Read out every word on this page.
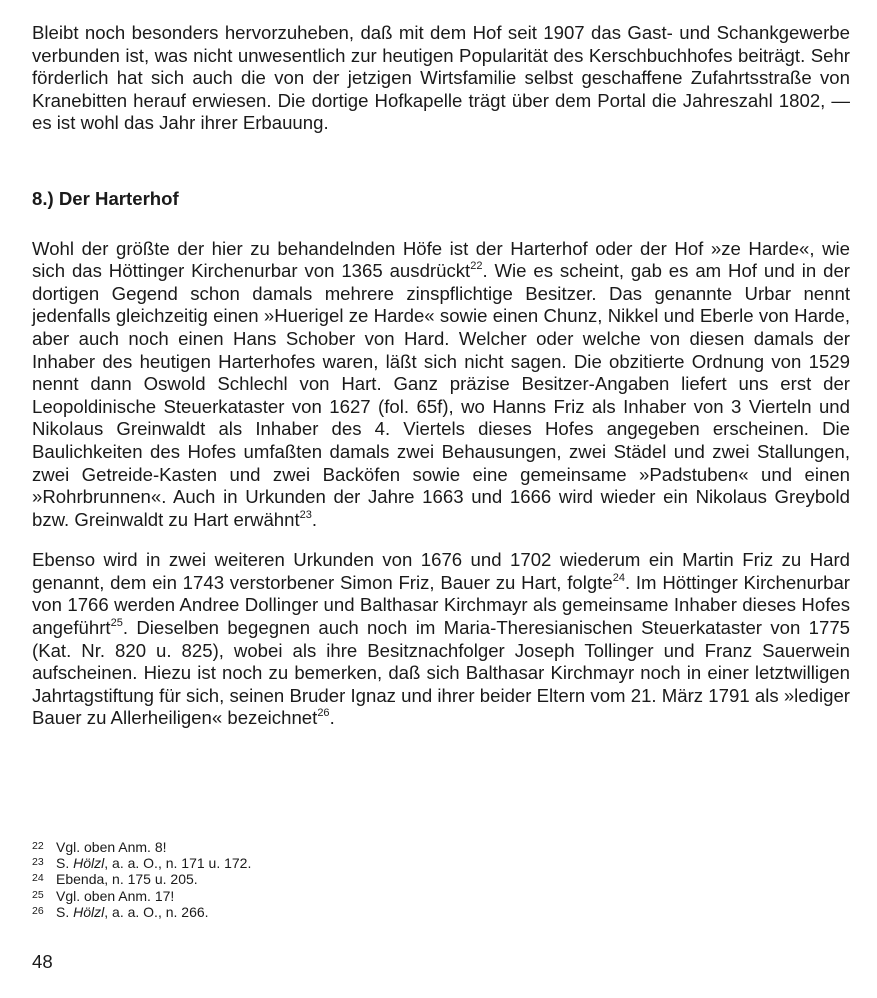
Bleibt noch besonders hervorzuheben, daß mit dem Hof seit 1907 das Gast- und Schankgewerbe verbunden ist, was nicht unwesentlich zur heutigen Popularität des Kerschbuchhofes beiträgt. Sehr förderlich hat sich auch die von der jetzigen Wirtsfamilie selbst geschaffene Zufahrtsstraße von Kranebitten herauf erwiesen. Die dortige Hofkapelle trägt über dem Portal die Jahreszahl 1802, — es ist wohl das Jahr ihrer Erbauung.

8.) Der Harterhof

Wohl der größte der hier zu behandelnden Höfe ist der Harterhof oder der Hof »ze Harde«, wie sich das Höttinger Kirchenurbar von 1365 ausdrückt$^{22}$. Wie es scheint, gab es am Hof und in der dortigen Gegend schon damals mehrere zinspflichtige Besitzer. Das genannte Urbar nennt jedenfalls gleichzeitig einen »Huerigel ze Harde« sowie einen Chunz, Nikkel und Eberle von Harde, aber auch noch einen Hans Schober von Hard. Welcher oder welche von diesen damals der Inhaber des heutigen Harterhofes waren, läßt sich nicht sagen. Die obzitierte Ordnung von 1529 nennt dann Oswold Schlechl von Hart. Ganz präzise Besitzer-Angaben liefert uns erst der Leopoldinische Steuerkataster von 1627 (fol. 65f), wo Hanns Friz als Inhaber von 3 Vierteln und Nikolaus Greinwaldt als Inhaber des 4. Viertels dieses Hofes angegeben erscheinen. Die Baulichkeiten des Hofes umfaßten damals zwei Behausungen, zwei Städel und zwei Stallungen, zwei Getreide-Kasten und zwei Backöfen sowie eine gemeinsame »Padstuben« und einen »Rohrbrunnen«. Auch in Urkunden der Jahre 1663 und 1666 wird wieder ein Nikolaus Greybold bzw. Greinwaldt zu Hart erwähnt$^{23}$.

Ebenso wird in zwei weiteren Urkunden von 1676 und 1702 wiederum ein Martin Friz zu Hard genannt, dem ein 1743 verstorbener Simon Friz, Bauer zu Hart, folgte$^{24}$. Im Höttinger Kirchenurbar von 1766 werden Andree Dollinger und Balthasar Kirchmayr als gemeinsame Inhaber dieses Hofes angeführt$^{25}$. Dieselben begegnen auch noch im Maria-Theresianischen Steuerkataster von 1775 (Kat. Nr. 820 u. 825), wobei als ihre Besitznachfolger Joseph Tollinger und Franz Sauerwein aufscheinen. Hiezu ist noch zu bemerken, daß sich Balthasar Kirchmayr noch in einer letztwilligen Jahrtagstiftung für sich, seinen Bruder Ignaz und ihrer beider Eltern vom 21. März 1791 als »lediger Bauer zu Allerheiligen« bezeichnet$^{26}$.

22 Vgl. oben Anm. 8!
23 S. Hölzl, a. a. O., n. 171 u. 172.
24 Ebenda, n. 175 u. 205.
25 Vgl. oben Anm. 17!
26 S. Hölzl, a. a. O., n. 266.
48
